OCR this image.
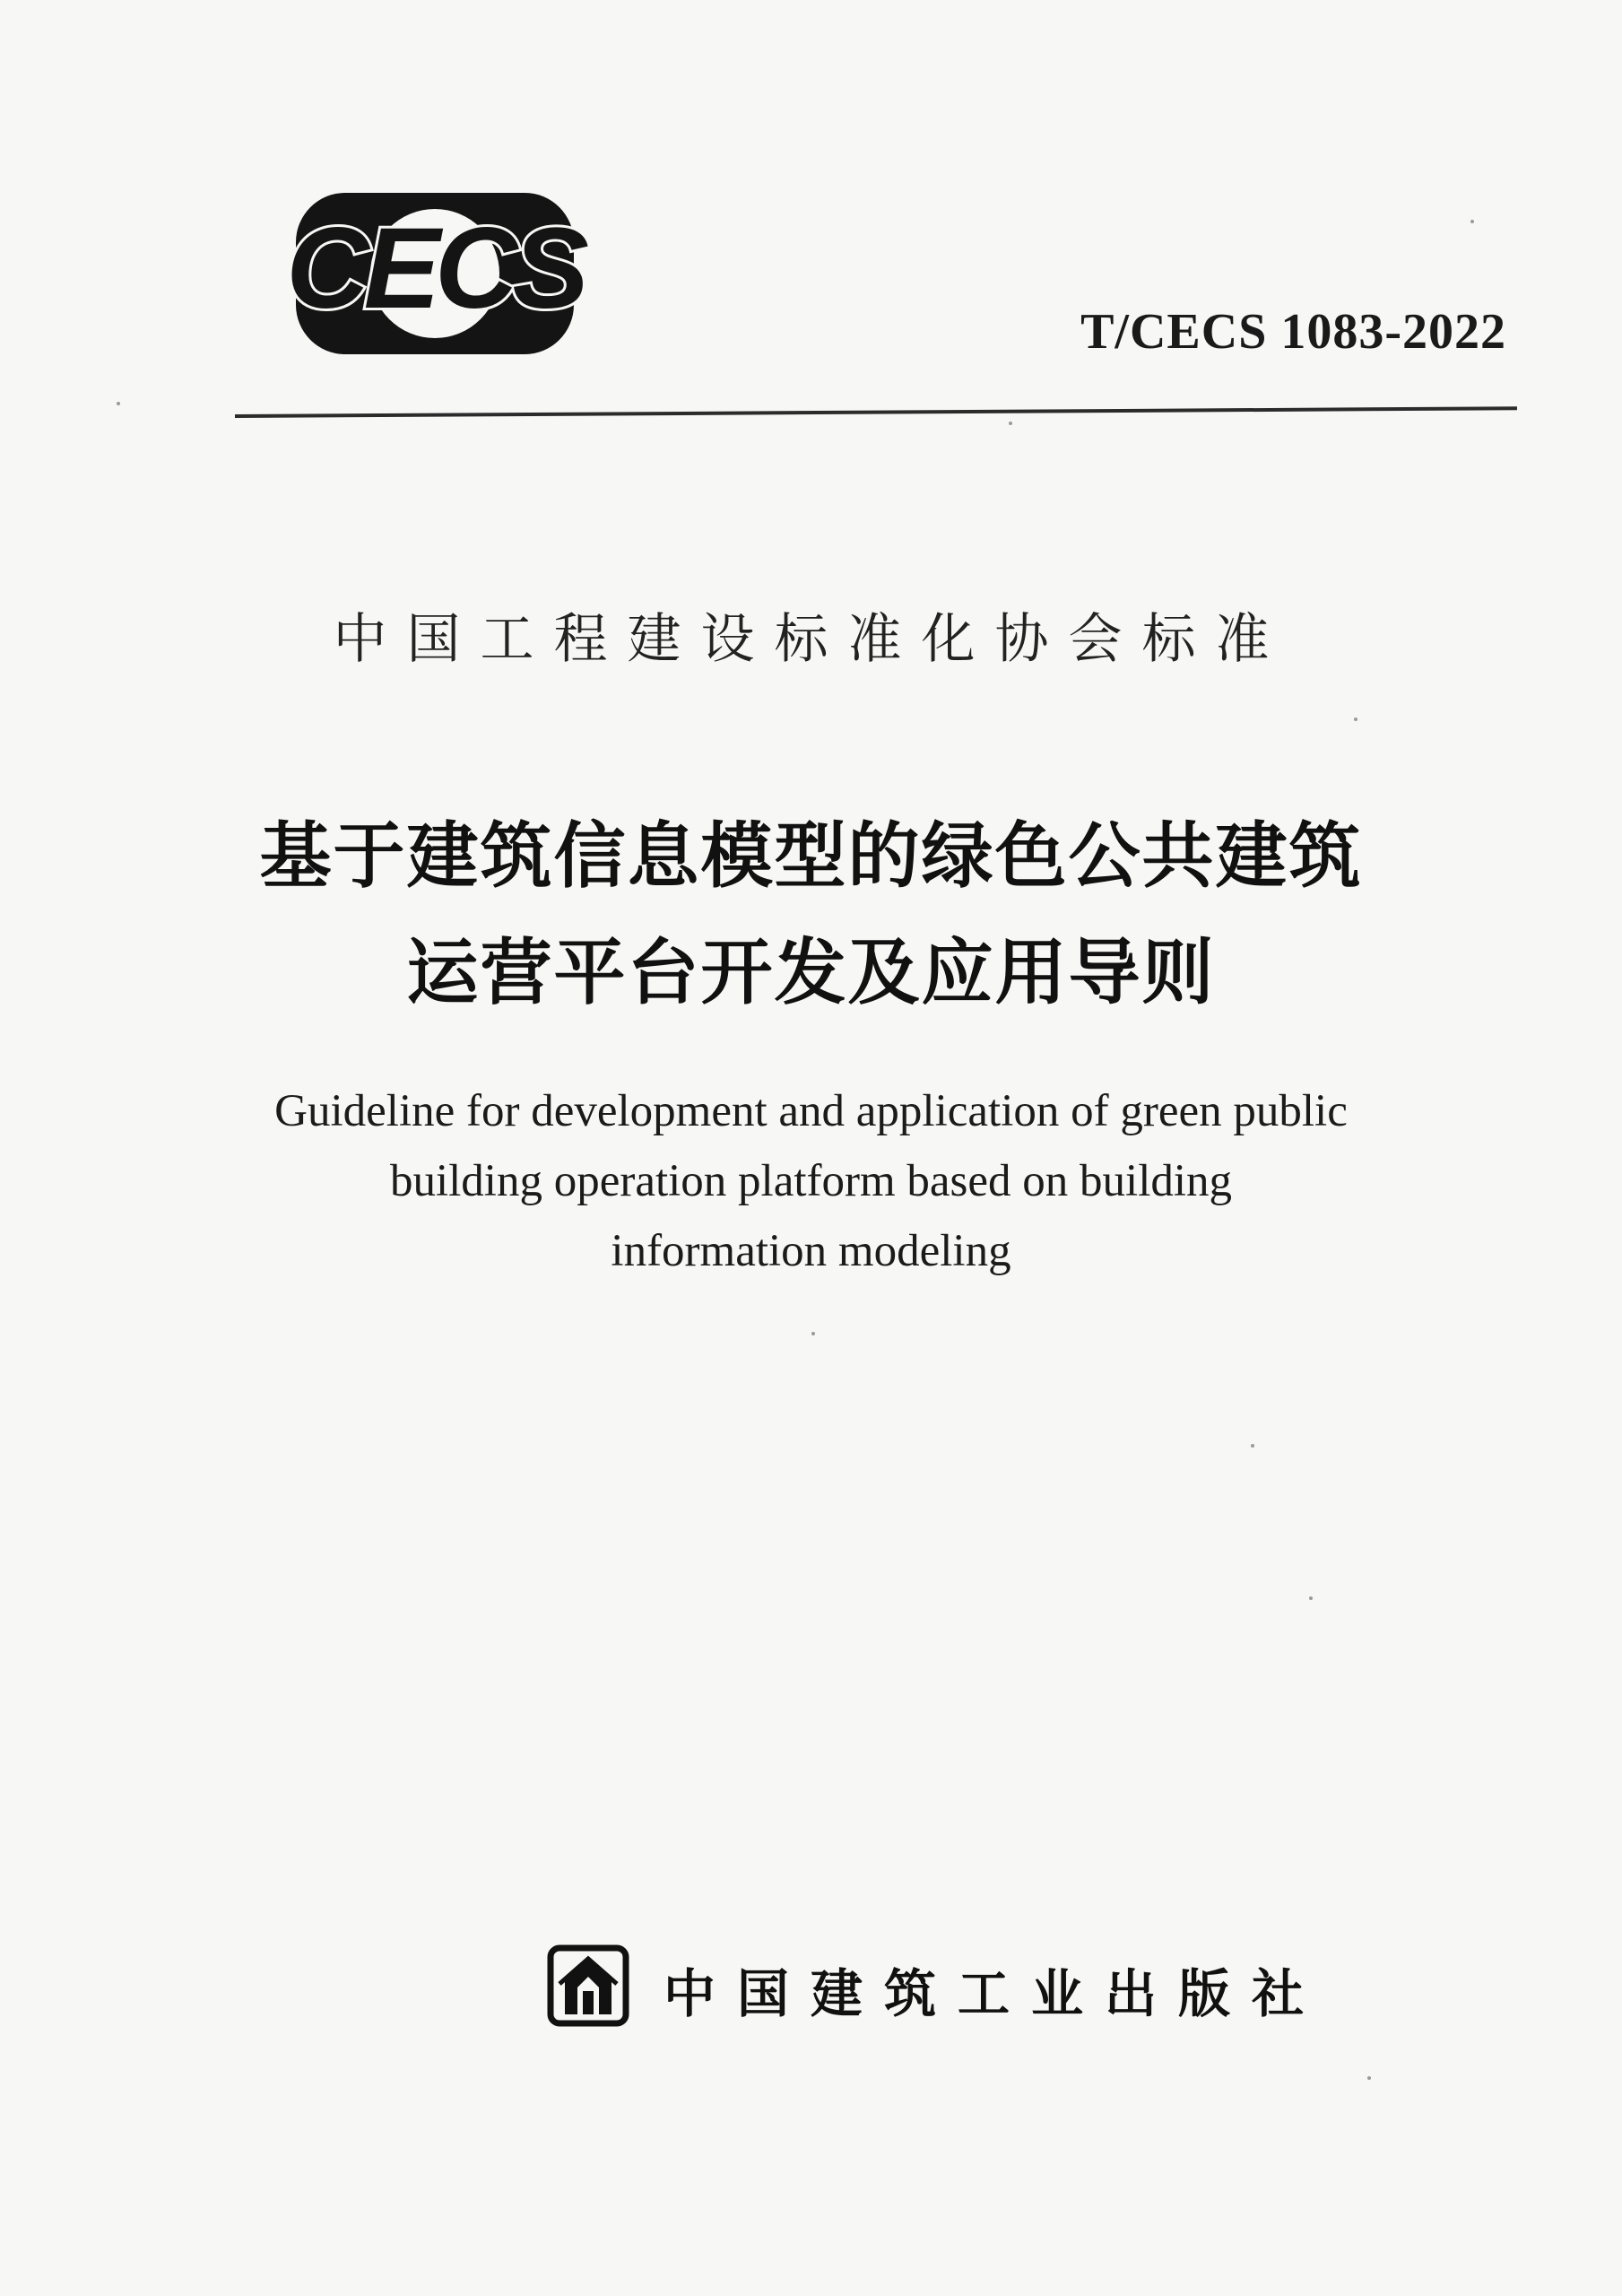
CECS	T/CECS 1083-2022
中国工程建设标准化协会标准
基于建筑信息模型的绿色公共建筑
运营平台开发及应用导则
Guideline for development and application of green public
building operation platform based on building
information modeling
中国建筑工业出版社
